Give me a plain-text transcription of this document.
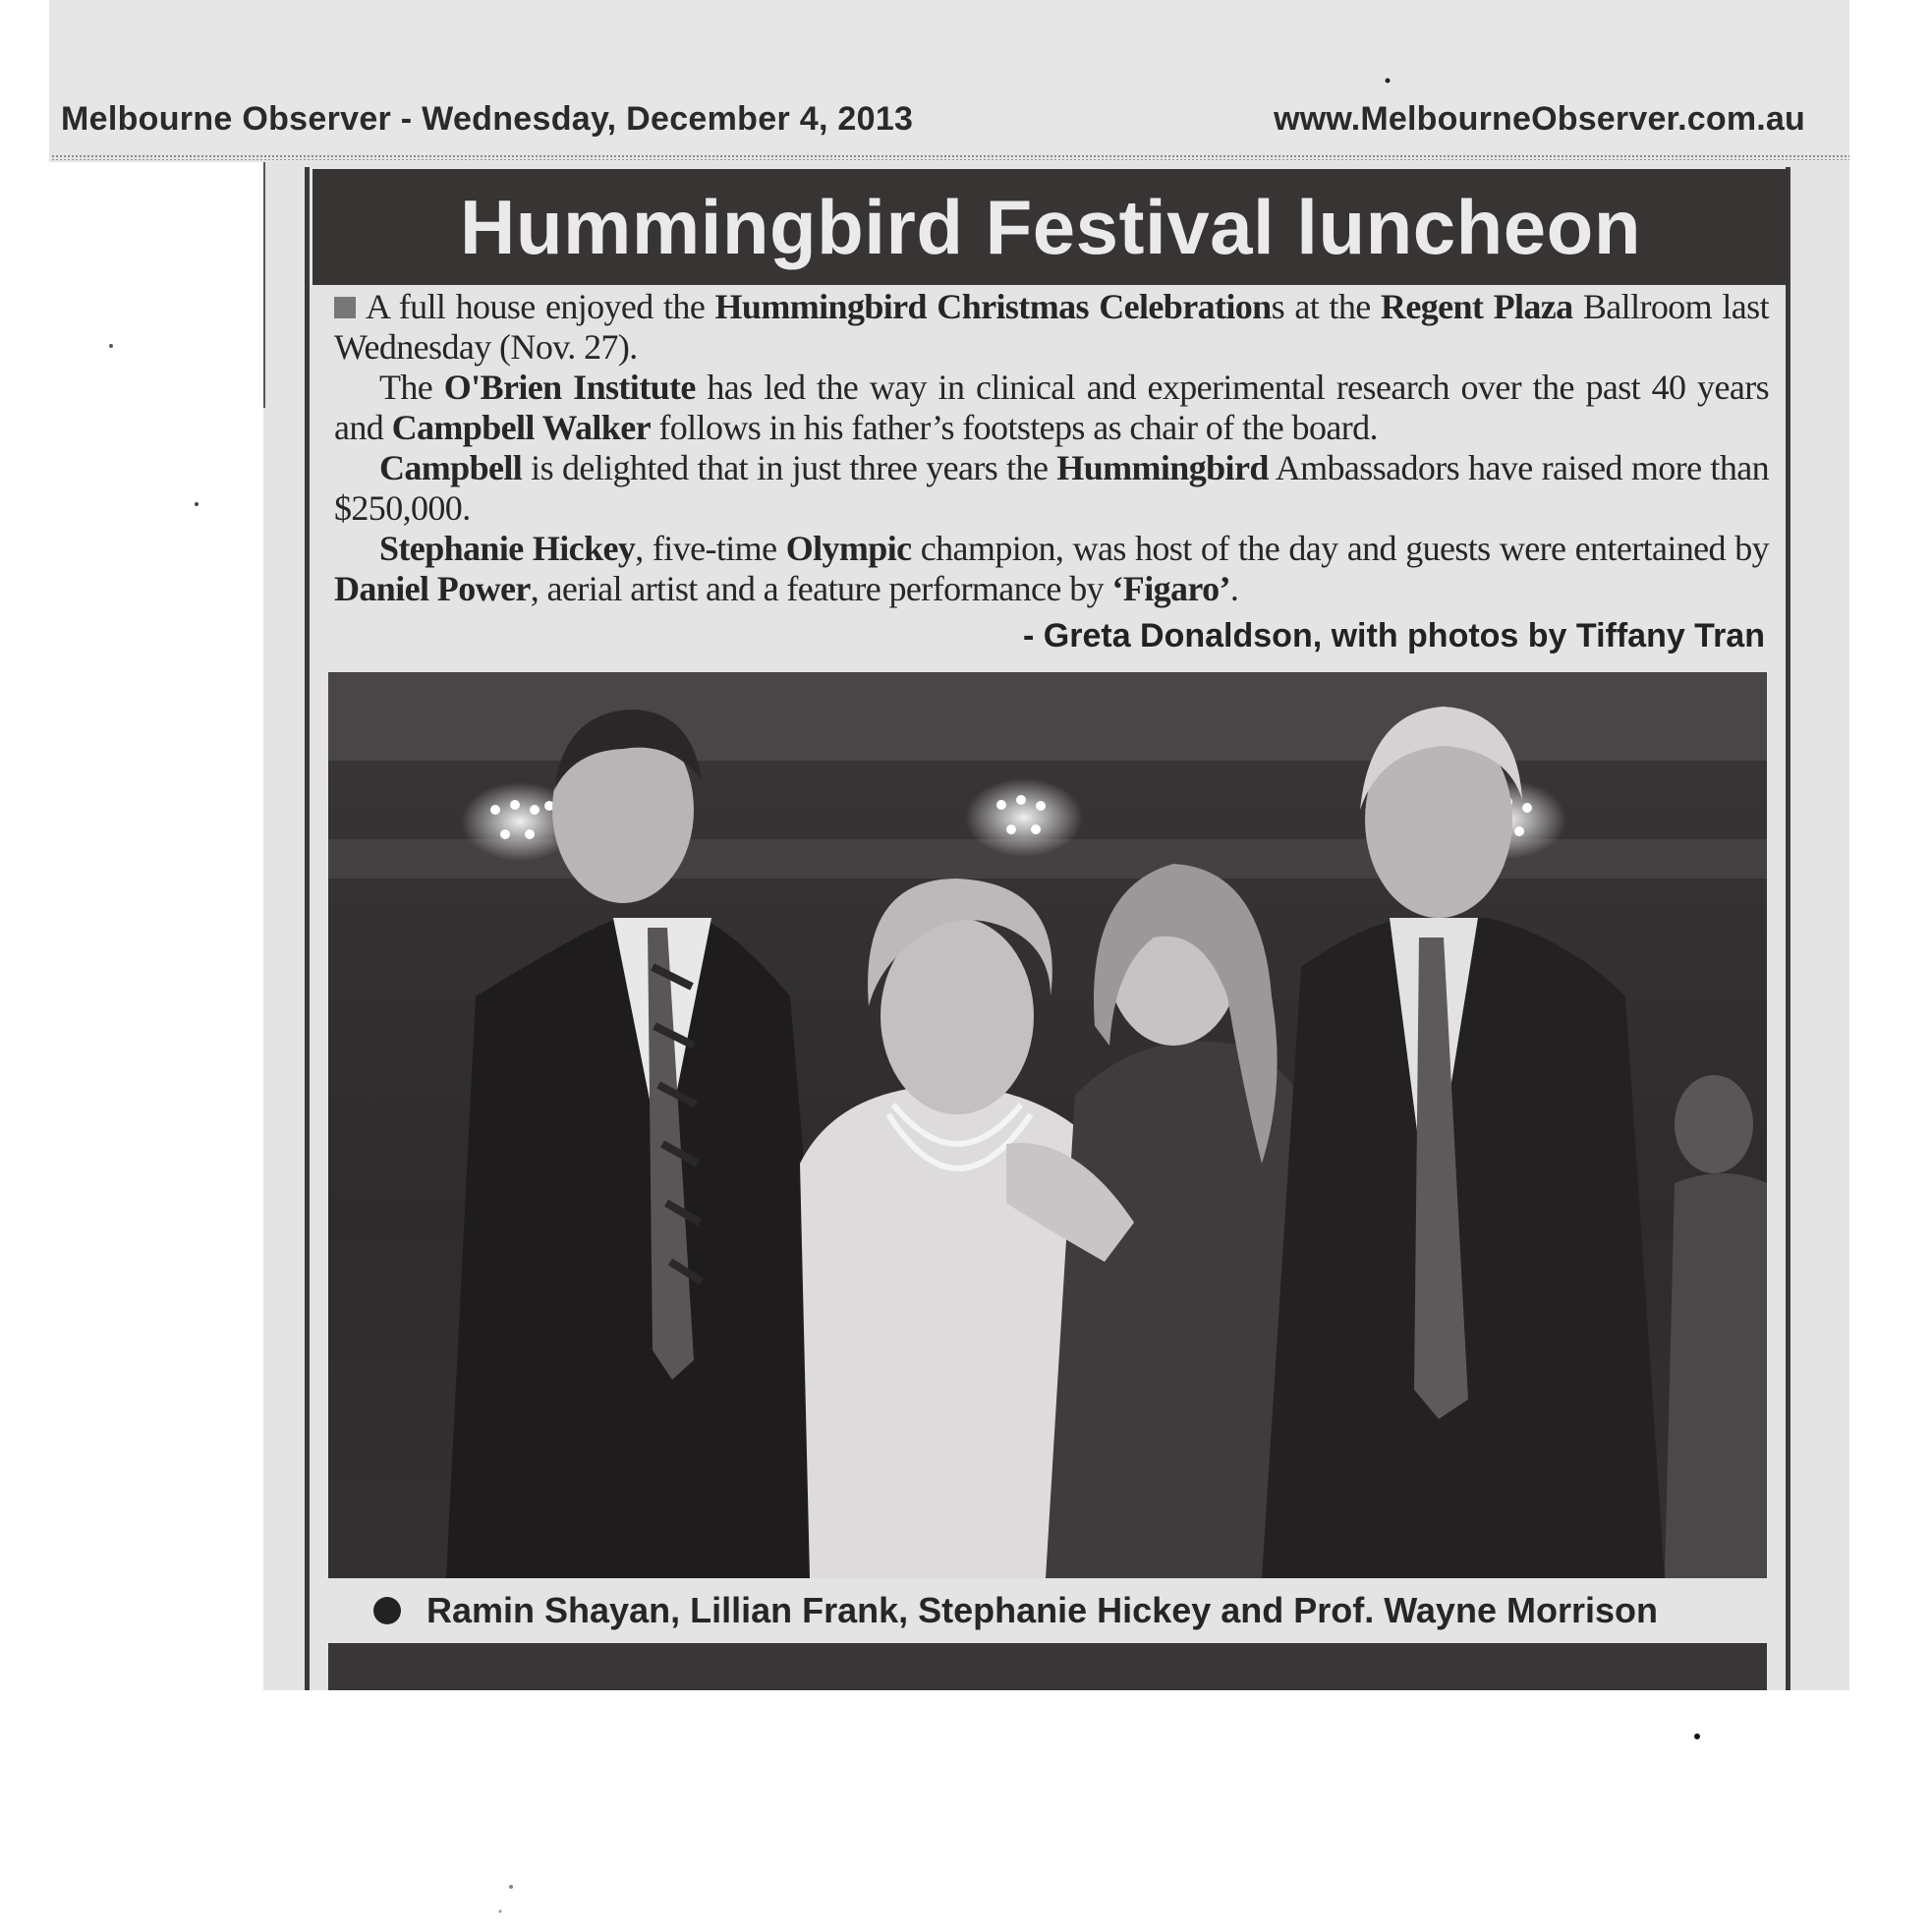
Melbourne Observer - Wednesday, December 4, 2013	www.MelbourneObserver.com.au
Hummingbird Festival luncheon

A full house enjoyed the Hummingbird Christmas Celebrations at the Regent Plaza Ballroom last Wednesday (Nov. 27).

The O'Brien Institute has led the way in clinical and experimental research over the past 40 years and Campbell Walker follows in his father’s footsteps as chair of the board.

Campbell is delighted that in just three years the Hummingbird Ambassadors have raised more than $250,000.

Stephanie Hickey, five-time Olympic champion, was host of the day and guests were entertained by Daniel Power, aerial artist and a feature performance by ‘Figaro’.

- Greta Donaldson, with photos by Tiffany Tran
Ramin Shayan, Lillian Frank, Stephanie Hickey and Prof. Wayne Morrison
